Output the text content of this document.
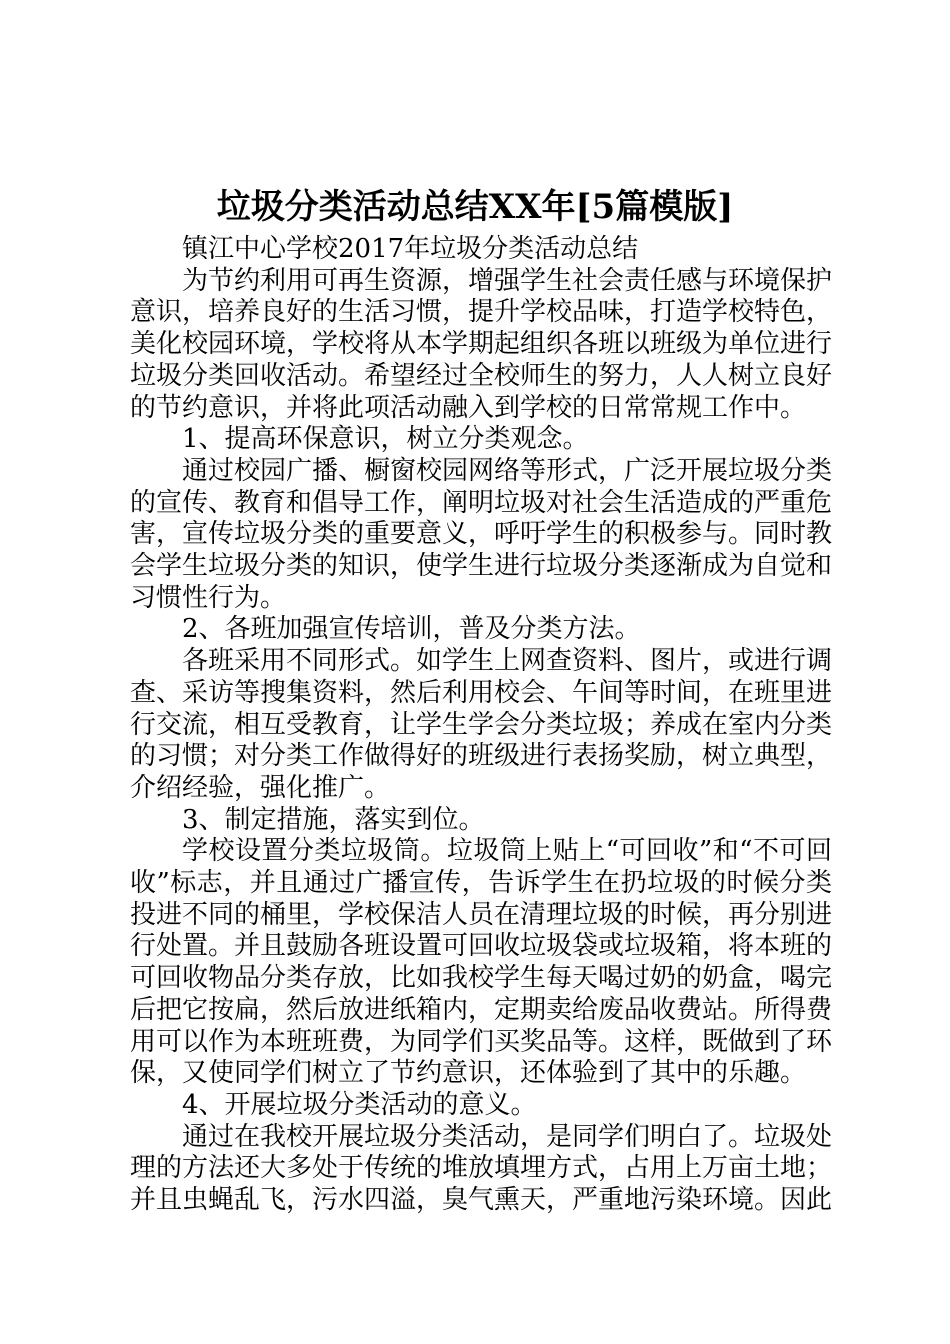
垃圾分类活动总结XX年[5篇模版]

镇江中心学校2017年垃圾分类活动总结

为节约利用可再生资源，增强学生社会责任感与环境保护意识，培养良好的生活习惯，提升学校品味，打造学校特色，美化校园环境，学校将从本学期起组织各班以班级为单位进行垃圾分类回收活动。希望经过全校师生的努力，人人树立良好的节约意识，并将此项活动融入到学校的日常常规工作中。

1、提高环保意识，树立分类观念。

通过校园广播、橱窗校园网络等形式，广泛开展垃圾分类的宣传、教育和倡导工作，阐明垃圾对社会生活造成的严重危害，宣传垃圾分类的重要意义，呼吁学生的积极参与。同时教会学生垃圾分类的知识，使学生进行垃圾分类逐渐成为自觉和习惯性行为。

2、各班加强宣传培训，普及分类方法。

各班采用不同形式。如学生上网查资料、图片，或进行调查、采访等搜集资料，然后利用校会、午间等时间，在班里进行交流，相互受教育，让学生学会分类垃圾；养成在室内分类的习惯；对分类工作做得好的班级进行表扬奖励，树立典型，介绍经验，强化推广。

3、制定措施，落实到位。

学校设置分类垃圾筒。垃圾筒上贴上“可回收”和“不可回收”标志，并且通过广播宣传，告诉学生在扔垃圾的时候分类投进不同的桶里，学校保洁人员在清理垃圾的时候，再分别进行处置。并且鼓励各班设置可回收垃圾袋或垃圾箱，将本班的可回收物品分类存放，比如我校学生每天喝过奶的奶盒，喝完后把它按扁，然后放进纸箱内，定期卖给废品收费站。所得费用可以作为本班班费，为同学们买奖品等。这样，既做到了环保，又使同学们树立了节约意识，还体验到了其中的乐趣。

4、开展垃圾分类活动的意义。

通过在我校开展垃圾分类活动，是同学们明白了。垃圾处理的方法还大多处于传统的堆放填埋方式，占用上万亩土地；并且虫蝇乱飞，污水四溢，臭气熏天，严重地污染环境。因此
